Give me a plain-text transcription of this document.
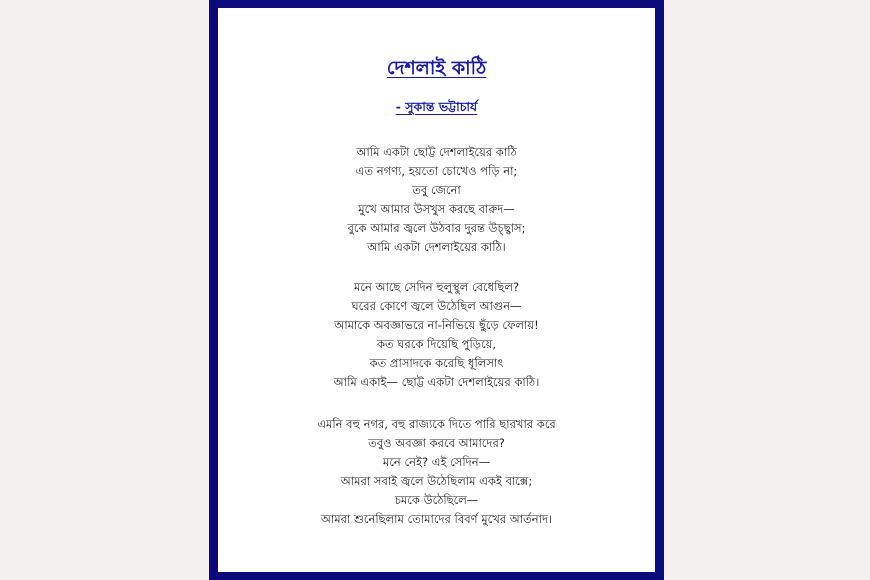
দেশলাই কাঠি
- সুকান্ত ভট্টাচার্য
আমি একটা ছোট্ট দেশলাইয়ের কাঠি
এত নগণ্য, হয়তো চোখেও পড়ি না;
তবু জেনো
মুখে আমার উসখুস করছে বারুদ—
বুকে আমার জ্বলে উঠবার দুরন্ত উচ্ছ্বাস;
আমি একটা দেশলাইয়ের কাঠি।
মনে আছে সেদিন হুলুস্থুল বেধেছিল?
ঘরের কোণে জ্বলে উঠেছিল আগুন—
আমাকে অবজ্ঞাভরে না-নিভিয়ে ছুঁড়ে ফেলায়!
কত ঘরকে দিয়েছি পুড়িয়ে,
কত প্রাসাদকে করেছি ধূলিসাৎ
আমি একাই— ছোট্ট একটা দেশলাইয়ের কাঠি।
এমনি বহু নগর, বহু রাজ্যকে দিতে পারি ছারখার করে
তবুও অবজ্ঞা করবে আমাদের?
মনে নেই? এই সেদিন—
আমরা সবাই জ্বলে উঠেছিলাম একই বাক্সে;
চমকে উঠেছিলে—
আমরা শুনেছিলাম তোমাদের বিবর্ণ মুখের আর্তনাদ।
